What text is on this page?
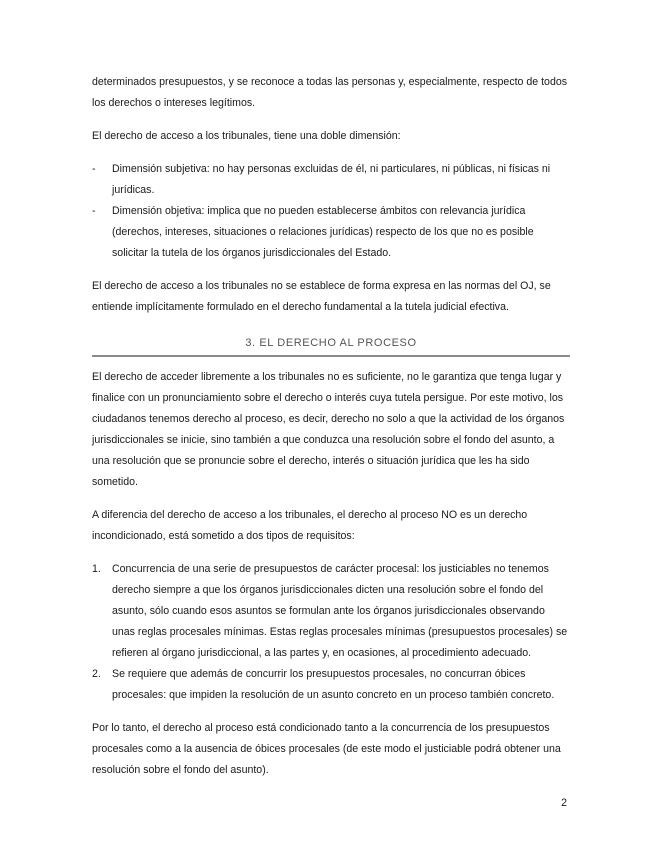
determinados presupuestos, y se reconoce a todas las personas y, especialmente, respecto de todos los derechos o intereses legítimos.

El derecho de acceso a los tribunales, tiene una doble dimensión:

- Dimensión subjetiva: no hay personas excluidas de él, ni particulares, ni públicas, ni físicas ni jurídicas.
- Dimensión objetiva: implica que no pueden establecerse ámbitos con relevancia jurídica (derechos, intereses, situaciones o relaciones jurídicas) respecto de los que no es posible solicitar la tutela de los órganos jurisdiccionales del Estado.

El derecho de acceso a los tribunales no se establece de forma expresa en las normas del OJ, se entiende implícitamente formulado en el derecho fundamental a la tutela judicial efectiva.

3. EL DERECHO AL PROCESO

El derecho de acceder libremente a los tribunales no es suficiente, no le garantiza que tenga lugar y finalice con un pronunciamiento sobre el derecho o interés cuya tutela persigue. Por este motivo, los ciudadanos tenemos derecho al proceso, es decir, derecho no solo a que la actividad de los órganos jurisdiccionales se inicie, sino también a que conduzca una resolución sobre el fondo del asunto, a una resolución que se pronuncie sobre el derecho, interés o situación jurídica que les ha sido sometido.

A diferencia del derecho de acceso a los tribunales, el derecho al proceso NO es un derecho incondicionado, está sometido a dos tipos de requisitos:

1. Concurrencia de una serie de presupuestos de carácter procesal: los justiciables no tenemos derecho siempre a que los órganos jurisdiccionales dicten una resolución sobre el fondo del asunto, sólo cuando esos asuntos se formulan ante los órganos jurisdiccionales observando unas reglas procesales mínimas. Estas reglas procesales mínimas (presupuestos procesales) se refieren al órgano jurisdiccional, a las partes y, en ocasiones, al procedimiento adecuado.
2. Se requiere que además de concurrir los presupuestos procesales, no concurran óbices procesales: que impiden la resolución de un asunto concreto en un proceso también concreto.

Por lo tanto, el derecho al proceso está condicionado tanto a la concurrencia de los presupuestos procesales como a la ausencia de óbices procesales (de este modo el justiciable podrá obtener una resolución sobre el fondo del asunto).

2
